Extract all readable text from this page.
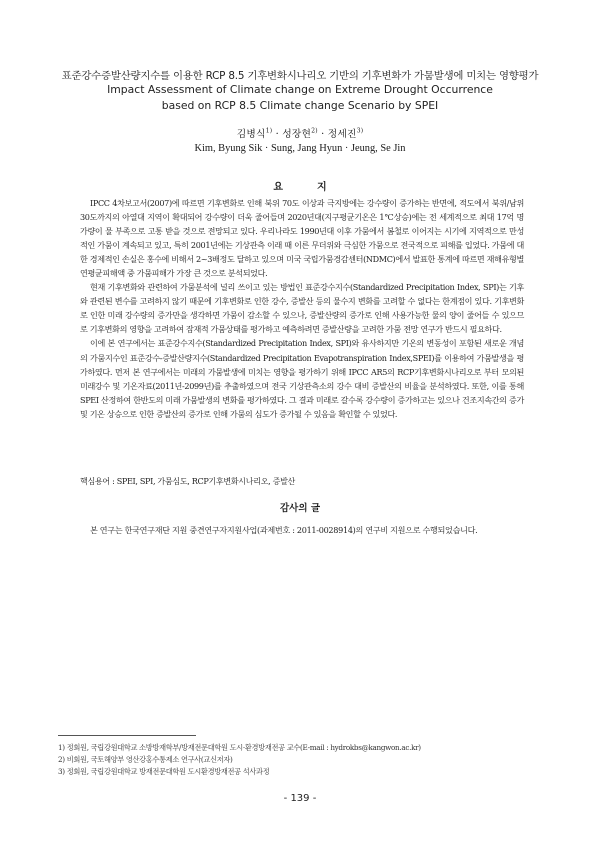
표준강수증발산량지수를 이용한 RCP 8.5 기후변화시나리오 기반의 기후변화가 가뭄발생에 미치는 영향평가
Impact Assessment of Climate change on Extreme Drought Occurrence
based on RCP 8.5 Climate change Scenario by SPEI
김병식$^{1)}$ · 성장현$^{2)}$ · 정세진$^{3)}$
Kim, Byung Sik · Sung, Jang Hyun · Jeung, Se Jin
요	지

IPCC 4차보고서(2007)에 따르면 기후변화로 인해 북위 70도 이상과 극지방에는 강수량이 증가하는 반면에, 적도에서 북위/남위 30도까지의 아열대 지역이 확대되어 강수량이 더욱 줄어들며 2020년대(지구평균기온은 1℃상승)에는 전 세계적으로 최대 17억 명 가량이 물 부족으로 고통 받을 것으로 전망되고 있다. 우리나라도 1990년대 이후 가뭄에서 봄철로 이어지는 시기에 지역적으로 만성적인 가뭄이 계속되고 있고, 특히 2001년에는 기상관측 이래 때 이른 무더위와 극심한 가뭄으로 전국적으로 피해를 입었다. 가뭄에 대한 경제적인 손실은 홍수에 비해서 2~3배정도 달하고 있으며 미국 국립가뭄경감센터(NDMC)에서 발표한 통계에 따르면 재해유형별 연평균피해액 중 가뭄피해가 가장 큰 것으로 분석되었다.

현재 기후변화와 관련하여 가뭄분석에 널리 쓰이고 있는 방법인 표준강수지수(Standardized Precipitation Index, SPI)는 기후와 관련된 변수를 고려하지 않기 때문에 기후변화로 인한 강수, 증발산 등의 물수지 변화를 고려할 수 없다는 한계점이 있다. 기후변화로 인한 미래 강수량의 증가만을 생각하면 가뭄이 감소할 수 있으나, 증발산량의 증가로 인해 사용가능한 물의 양이 줄어들 수 있으므로 기후변화의 영향을 고려하여 잠재적 가뭄상태를 평가하고 예측하려면 증발산량을 고려한 가뭄 전망 연구가 반드시 필요하다.

이에 본 연구에서는 표준강수지수(Standardized Precipitation Index, SPI)와 유사하지만 기온의 변동성이 포함된 새로운 개념의 가뭄지수인 표준강수-증발산량지수(Standardized Precipitation Evapotranspiration Index,SPEI)를 이용하여 가뭄발생을 평가하였다. 먼저 본 연구에서는 미래의 가뭄발생에 미치는 영향을 평가하기 위해 IPCC AR5의 RCP기후변화시나리오로 부터 모의된 미래강수 및 기온자료(2011년-2099년)를 추출하였으며 전국 기상관측소의 강수 대비 증발산의 비율을 분석하였다. 또한, 이를 통해 SPEI 산정하여 한반도의 미래 가뭄발생의 변화를 평가하였다. 그 결과 미래로 갈수록 강수량이 증가하고는 있으나 건조지속간의 증가 및 기온 상승으로 인한 증발산의 증가로 인해 가뭄의 심도가 증가될 수 있음을 확인할 수 있었다.

핵심용어 : SPEI, SPI, 가뭄심도, RCP기후변화시나리오, 증발산
감사의 글
본 연구는 한국연구재단 지원 중견연구자지원사업(과제번호 : 2011-0028914)의 연구비 지원으로 수행되었습니다.
1) 정회원, 국립강원대학교 소방방재학부/방재전문대학원 도시·환경방재전공 교수(E-mail : hydrokbs@kangwon.ac.kr)
2) 비회원, 국토해양부 영산강홍수통제소 연구사(교신저자)
3) 정회원, 국립강원대학교 방재전문대학원 도시환경방재전공 석사과정
- 139 -
